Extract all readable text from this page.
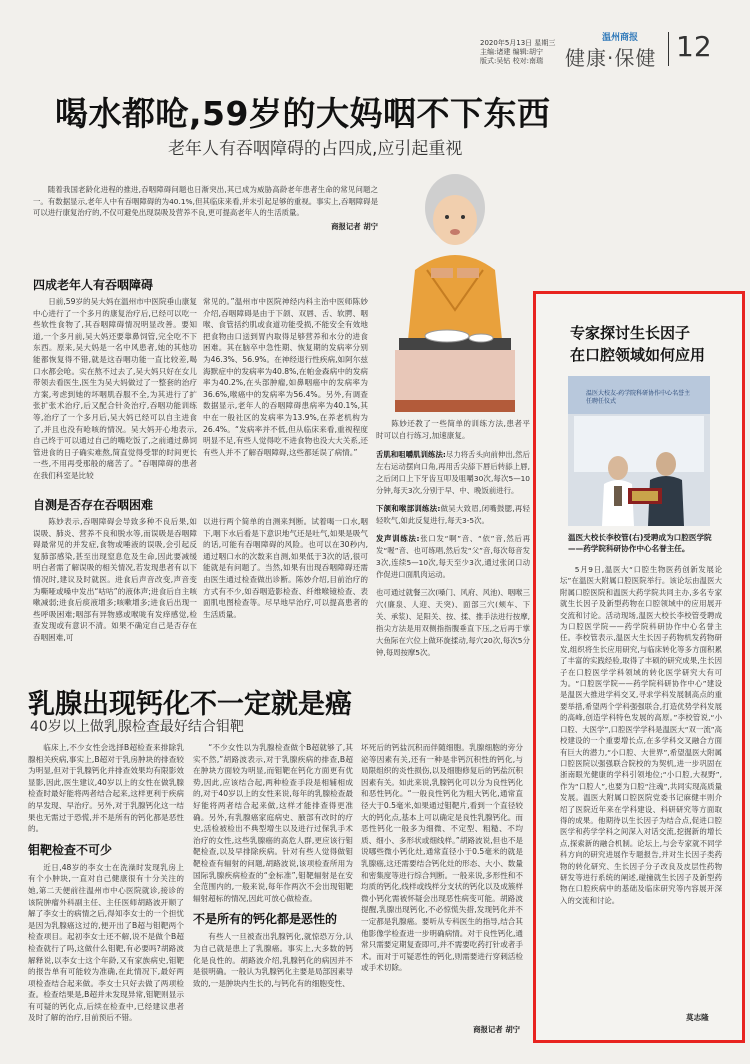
2020年5月13日 星期三
主编:诸建 编辑:胡宁
版式:吴钻 校对:南瑞
温州商报
健康·保健 12
喝水都呛,59岁的大妈咽不下东西
老年人有吞咽障碍的占四成,应引起重视

随着我国老龄化进程的推进,吞咽障碍问题也日渐突出,其已成为威胁高龄老年患者生命的常见问题之一。有数据显示,老年人中有吞咽障碍的为40.1%,但其临床来看,并未引起足够的重视。事实上,吞咽障碍是可以进行康复治疗的,不仅可避免出现误吸及营养不良,更可提高老年人的生活质量。

商报记者 胡宁
四成老年人有吞咽障碍

日前,59岁的吴大妈在温州市中医院垂山康复中心进行了一个多月的康复治疗后,已经可以吃一些软性食物了,其吞咽障碍情况明显改善。要知道,一个多月前,吴大妈还要靠鼻饲管,完全吃不下东西。原来,吴大妈是一名中风患者,她的其他功能都恢复得不错,就是这吞咽功能一直比较差,喝口水都会呛。实在熬不过去了,吴大妈只好在女儿带领去看医生,医生为吴大妈做过了一整套的治疗方案,考虑到她的坏咽肌吞服不全,为其进行了扩张扩张术治疗,后又配合针灸治疗,吞咽功能训练等,治疗了一个多月后,吴大妈已经可以自主进食了,并且也没有呛咳的情况。吴大妈开心地表示,自己终于可以通过自己的嘴吃饭了,之前通过鼻饲管进食的日子确实难熬,简直觉得受罪的时间更长一些,不用再受那般的痛苦了。“吞咽障碍的患者在我们科室是比较

常见的。”温州市中医院神经内科主治中医师陈妙介绍,吞咽障碍是由于下颌、双唇、舌、软腭、咽喉、食管括约肌或食道功能受损,不能安全有效地把食物由口送到胃内取得足够营养和水分的进食困难。其在脑卒中急性期、恢复期的发病率分别为46.3%、56.9%。在神经退行性疾病,如阿尔兹海默症中的发病率为40.8%,在帕金森病中的发病率为40.2%,在头部肿瘤,如鼻咽癌中的发病率为36.6%,喉癌中的发病率为56.4%。另外,有调查数据显示,老年人的吞咽障碍患病率为40.1%,其中在一般社区的发病率为13.9%,在养老机构为26.4%。“发病率并不低,但从临床来看,重视程度明显不足,有些人觉得吃不进食物也没大大关系,还有些人并不了解吞咽障碍,这些都延误了病情。”

自测是否存在吞咽困难

陈妙表示,吞咽障碍会导致多种不良后果,如误吸、肺炎、营养不良和脱水等,而误吸是吞咽障碍最常见的并发症,食物或唾液的误吸,会引起反复肺部感染,甚至出现窒息危及生命,因此要减缓明白者需了解误吸的相关情况,若发现患者有以下情况时,建议及时就医。进食后声音改变,声音变为嘶哑或嗓中发出“咕咕”的液体声;进食后自主咳嗽减弱;进食后痰液增多;咳嗽增多;进食后出现一些呼吸困难;咽部有异物感或喉咙有发痒感觉,检查发现或有意识不清。如果不确定自己是否存在吞咽困难,可

以进行两个简单的自测来判断。试着喝一口水,咽下,咽下水后看是下意识地气还是吐气,如果是吸气的话,可能有吞咽障碍的风险。也可以在30秒内,通过咽口水的次数来自测,如果低于3次的话,很可能就是有问题了。当然,如果有出现吞咽障碍还需由医生通过检查做出诊断。陈妙介绍,目前治疗的方式有不少,如吞咽造影检查、纤维喉镜检查、表面肌电图检查等。尽早地早治疗,可以提高患者的生活质量。

陈妙还教了一些简单的训练方法,患者平时可以自行练习,加速康复。

舌肌和咀嚼肌训练法:尽力将舌头向前伸出,然后左右运动摆向口角,再用舌尖舔下唇后转舔上唇,之后闭口上下牙齿互叩及咀嚼30次,每次5—10分钟,每天3次,分别于早、中、晚饭前进行。

下颌和喉部训练法:做吴大致眉,闭嘴鼓腮,再轻轻吹气,如此反复进行,每天3-5次。

发声训练法:张口发“啊”音、“依”音,然后再发“喔”音、也可练唱,然后发“父”音,每次每音发3次,连续5—10次,每天至少3次,通过张闭口动作促进口面肌肉运动。

也可通过就餐三次(嗓门、风府、风池)、咽喉三穴(廉泉、人迎、天突)、面部三穴(颊车、下关、承浆)、足阳关、按、揉、推手法进行按摩,指尖方法是用双侧指指腹垂直下压,之后再于掌大鱼际在穴位上做环旋揉动,每穴20次,每次5分钟,每周按摩5次。

乳腺出现钙化不一定就是癌
40岁以上做乳腺检查最好结合钼靶

临床上,不少女性会选择B超检查来排除乳腺相关疾病,事实上,B超对于乳房肿块的排查较为明显,但对于乳腺钙化并排查效果均有限影效显影,因此,医生建议,40岁以上的女性在做乳腺检查时最好能将两者结合起来,这样更利于疾病的早发现、早治疗。另外,对于乳腺钙化这一结果也无需过于恐慌,并不是所有的钙化都是恶性的。

钼靶检查不可少

近日,48岁的李女士在洗澡时发现乳房上有个小肿块,一直对自己健康很有十分关注的她,第二天便前往温州市中心医院就诊,接诊的该院肿瘤外科副主任、主任医师胡路波开顺了解了李女士的病情之后,得知李女士的一个担忧是因为乳腺癌这过的,便开出了B超与钼靶两个检查项目。起初李女士还不解,说不是做个B超检查就行了吗,这做什么钼靶,有必要吗?胡路波解释说,以李女士这个年龄,又有家族病史,钼靶的报告单有可能较为准确,在此情况下,最好两项检查结合起来做。李女士只好去做了两项检查。检查结果是,B超并未发现异常,钼靶则显示有可疑的钙化点,后续在检查中,已经建议患者及时了解的治疗,目前预后不错。

“不少女性以为乳腺检查做个B超就够了,其实不然,”胡路波表示,对于乳腺疾病的排查,B超在肿块方面较为明显,而钼靶在钙化方面更有优势,因此,应该结合起,两种检查手段是相辅相成的,对于40岁以上的女性来说,每年的乳腺检查最好能将两者结合起来做,这样才能排查得更准确。另外,有乳腺癌家庭病史、腋部有改时的疗史,活检被检出不典型增生以及进行过保乳手术治疗的女性,这些乳腺癌的高危人群,更应该行钼靶检查,以及早排除疾病。针对有些人觉得做钼靶检查有辐射的问题,胡路波说,该项检查所用为国际乳腺疾病检查的“金标准”,钼靶辐射是在安全范围内的,一般来说,每年作两次不会出现钼靶辐射超标的情况,因此可放心做检查。

不是所有的钙化都是恶性的

有些人一旦被查出乳腺钙化,就惊恐万分,认为自己就是患上了乳腺癌。事实上,大多数的钙化是良性的。胡路波介绍,乳腺钙化的病因并不是很明确。一般认为乳腺钙化主要是局部因素导致的,一是肿块内生长的,与钙化有的细胞变性、

坏死后的钙盐沉积而伴随细胞。乳腺细胞的旁分泌等因素有关,还有一种是非钙沉积性的钙化,与局限组织的炎性损伤,以及细胞修复后的钙盐沉积因素有关。如此来说,乳腺钙化可以分为良性钙化和恶性钙化。“一般良性钙化为粗大钙化,通常直径大于0.5毫米,如果通过钼靶片,看到一个直径较大的钙化点,基本上可以确定是良性乳腺钙化。而恶性钙化一般多为细微、不定型、粗糙、不均质、细小、多形状或细线样。”胡路波说,但也不是说哪些微小钙化灶,通常直径小于0.5毫米的就是乳腺癌,这还需要结合钙化灶的形态、大小、数量和密集度等进行综合判断。一般来说,多形性和不均质的钙化,线样或线样分支状的钙化以及成簇样微小钙化需被怀疑会出现恶性病变可能。胡路波提醒,乳腺出现钙化,不必惊慌失措,发现钙化并不一定都是乳腺癌。要听从专科医生的指导,结合其他影像学检查进一步明确病情。对于良性钙化,通常只需要定期复查即可,并不需要吃药打针或者手术。而对于可疑恶性的钙化,则需要进行穿刺活检或手术切除。

商报记者 胡宁
专家探讨生长因子
在口腔领域如何应用
温医大校友-药学院科研协作中心名誉主任聘任仪式
温医大校长李校管(右)受聘成为口腔医学院——药学院科研协作中心名誉主任。

5月9日,温医大“口腔生物医药创新发展论坛”在温医大附属口腔医院举行。该论坛由温医大附属口腔医院和温医大药学院共同主办,多名专家就生长因子及新型药物在口腔领域中的应用展开交流和讨论。活动现场,温医大校长李校管受聘成为口腔医学院——药学院科研协作中心名誉主任。李校管表示,温医大生长因子药物机发药物研发,组织将生长应用研究,与临床转化等多方面积累了丰富的实践经验,取得了丰硕的研究成果,生长因子在口腔医学学科领域的转化医学研究大有可为。“口腔医学院——药学院科研协作中心”建设是温医大推进学科交叉,寻求学科发展制高点的重要举措,希望两个学科强强联合,打造优势学科发展的高峰,创造学科特色发展的高原。”李校管说,“小口腔、大医学”,口腔医学学科是温医大“双一流”高校建设的一个重要增长点,在多学科交叉融合方面有巨大的潜力,“小口腔、大世界”,希望温医大附属口腔医院以强强联合院校的为契机,进一步巩固在浙南眼光健康的学科引领地位;“小口腔,大视野”,作为“口腔人”,也要为口腔“注魂”,共同实现高质量发展。温医大附属口腔医院党委书记麻健丰则介绍了医院近年来在学科建设、科研研究等方面取得的成果。他期待以生长因子为结合点,促进口腔医学和药学学科之间深入对话交流,挖掘新的增长点,探索新的融合机制。论坛上,与会专家就不同学科方向的研究进展作专题报告,并对生长因子类药物的转化研究、生长因子分子改良及皮层性药物研发等进行系统的阐述,碰撞就生长因子及新型药物在口腔疾病中的基础及临床研究等内容展开深入的交流和讨论。

莫志隆
